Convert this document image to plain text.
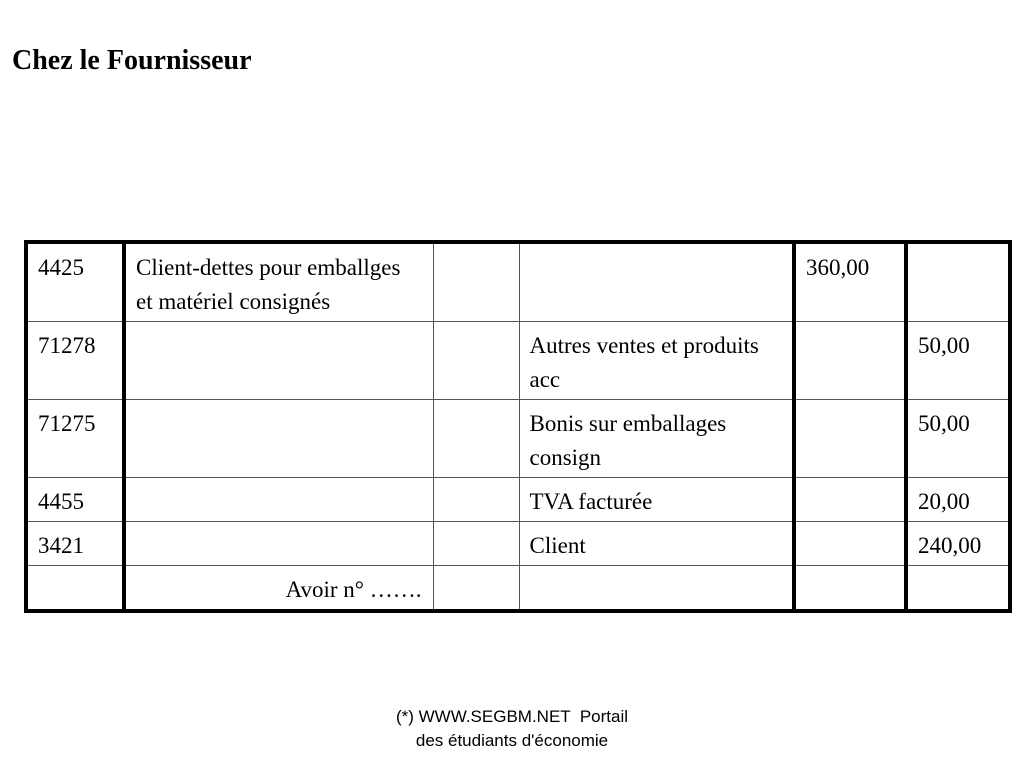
Chez le Fournisseur
4425	Client-dettes pour emballges et matériel consignés			360,00	
71278			Autres ventes et produits acc		50,00
71275			Bonis sur emballages consign		50,00
4455			TVA facturée		20,00
3421			Client		240,00
	Avoir n° …….				
(*) WWW.SEGBM.NET  Portail
des étudiants d'économie
